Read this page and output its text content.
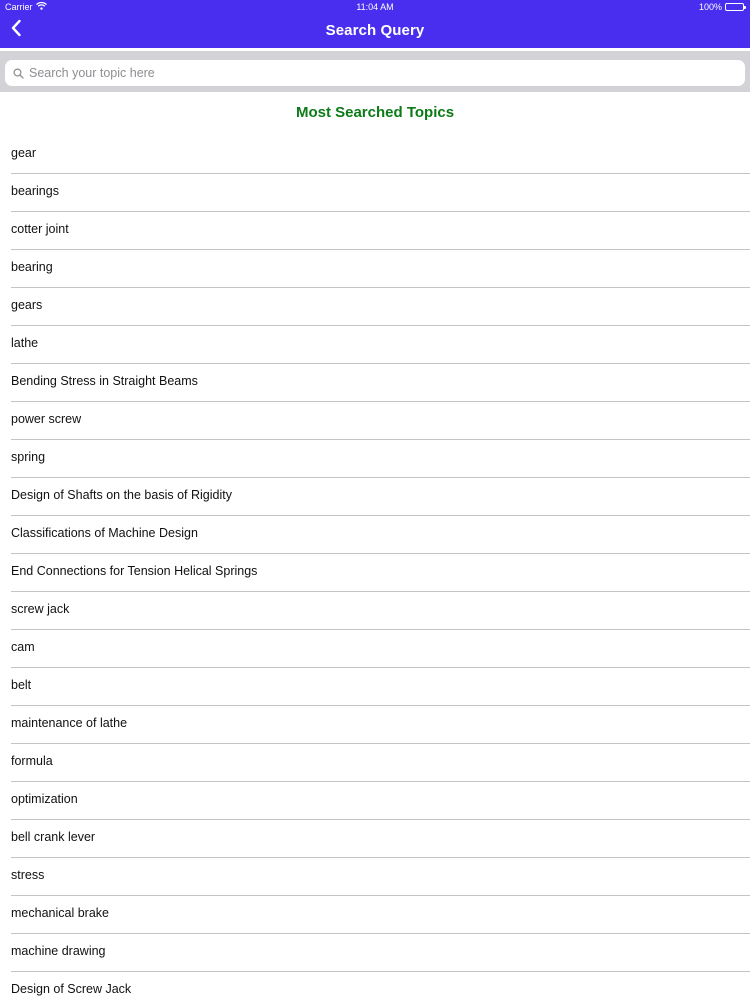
Carrier	11:04 AM	100%
Search Query
Search your topic here
Most Searched Topics
gear
bearings
cotter joint
bearing
gears
lathe
Bending Stress in Straight Beams
power screw
spring
Design of Shafts on the basis of Rigidity
Classifications of Machine Design
End Connections for Tension Helical Springs
screw jack
cam
belt
maintenance of lathe
formula
optimization
bell crank lever
stress
mechanical brake
machine drawing
Design of Screw Jack
